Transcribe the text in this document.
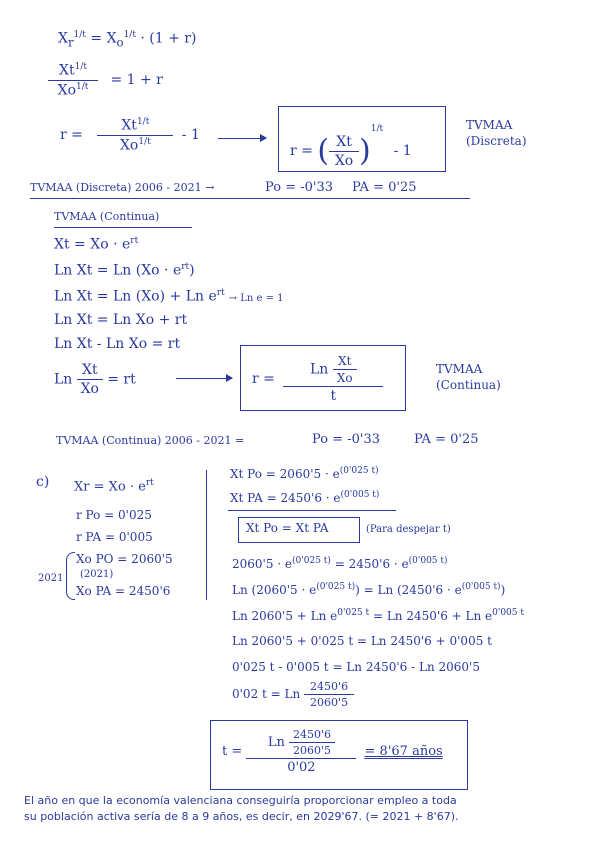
$X_r^{1/t} = X_o^{1/t} \cdot (1 + r)$
$\frac{Xt^{1/t}}{Xo^{1/t}} = 1 + r$
$r = \frac{Xt^{1/t}}{Xo^{1/t}} - 1$
r = ( $\frac{Xt}{Xo} )^{1/t} - 1$
TVMAA
(Discreta)
TVMAA (Discreta) 2006 - 2021 →	Po = -0'33 PA = 0'25
TVMAA (Continua)
$Xt = Xo \cdot e^{rt}$
Ln Xt = Ln $(Xo \cdot e^{rt})$
Ln Xt = Ln (Xo) + Ln $e^{rt} \to Ln$ e = 1
Ln Xt = Ln Xo + rt
Ln Xt - Ln Xo = rt
Ln $\frac{Xt}{Xo}$ = rt	$r = \frac{Ln \frac{Xt}{Xo}}{t}$	TVMAA
(Continua)
TVMAA (Continua) 2006 - 2021 =	Po = -0'33	PA = 0'25
c) $Xr = Xo \cdot e^{rt}$
r Po = 0'025
r PA = 0'005
Xo PO = 2060'5
(2021)
Xo PA = 2450'6
2021
Xt $Po = 2060'5 \cdot e^{(0'025 t)}$
Xt PA = $2450'6 \cdot e^{(0'005 t)}$
Xt Po = Xt PA	(Para despejar t)
$2060'5 \cdot e^{(0'025 t)} = 2450'6 \cdot e^{(0'005 t)}$
Ln $(2060'5 \cdot e^{(0'025 t)}) = Ln$ $(2450'6 \cdot e^{(0'005 t)})$
Ln 2060'5 + Ln $e^{0'025 t} = Ln$ 2450'6 + Ln $e^{0'005 t}$
Ln 2060'5 + 0'025 t = Ln 2450'6 + 0'005 t
0'025 t - 0'005 t = Ln 2450'6 - Ln 2060'5
0'02 t = Ln $\frac{2450'6}{2060'5}$
$t = \frac{Ln \frac{2450'6}{2060'5}}{0'02} = 8'67$ años
El año en que la economía valenciana conseguiría proporcionar empleo a toda
su población activa sería de 8 a 9 años, es decir, en 2029'67. (= 2021 + 8'67).
